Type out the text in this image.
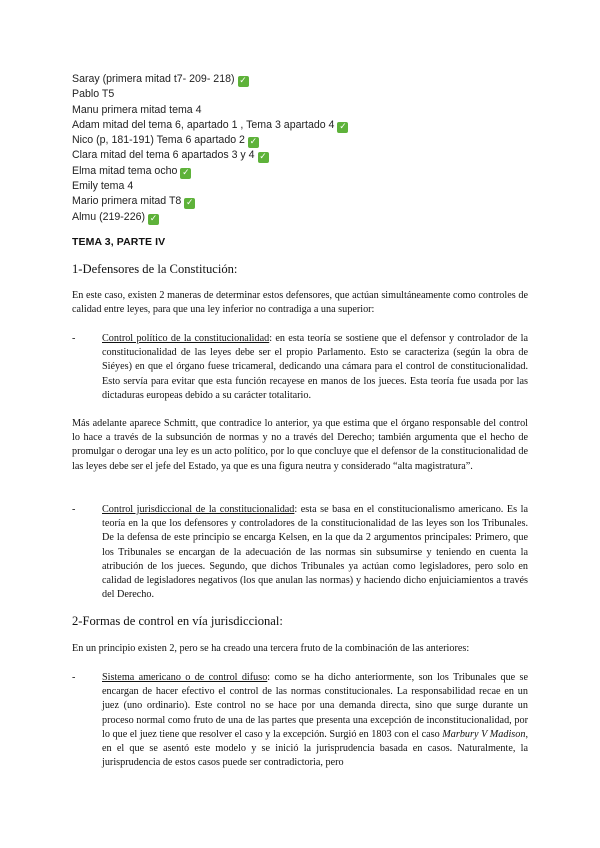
Saray (primera mitad t7- 209- 218) ✓
Pablo T5
Manu primera mitad tema 4
Adam mitad del tema 6, apartado 1 , Tema 3 apartado 4 ✓
Nico (p, 181-191) Tema 6 apartado 2 ✓
Clara mitad del tema 6 apartados 3 y 4 ✓
Elma mitad tema ocho ✓
Emily tema 4
Mario primera mitad T8 ✓
Almu (219-226) ✓
TEMA 3, PARTE IV
1-Defensores de la Constitución:

En este caso, existen 2 maneras de determinar estos defensores, que actúan simultáneamente como controles de calidad entre leyes, para que una ley inferior no contradiga a una superior:

-	Control político de la constitucionalidad: en esta teoría se sostiene que el defensor y controlador de la constitucionalidad de las leyes debe ser el propio Parlamento. Esto se caracteriza (según la obra de Siéyes) en que el órgano fuese tricameral, dedicando una cámara para el control de constitucionalidad. Esto servía para evitar que esta función recayese en manos de los jueces. Esta teoría fue usada por las dictaduras europeas debido a su carácter totalitario.

Más adelante aparece Schmitt, que contradice lo anterior, ya que estima que el órgano responsable del control lo hace a través de la subsunción de normas y no a través del Derecho; también argumenta que el hecho de promulgar o derogar una ley es un acto político, por lo que concluye que el defensor de la constitucionalidad de las leyes debe ser el jefe del Estado, ya que es una figura neutra y considerado “alta magistratura”.

-	Control jurisdiccional de la constitucionalidad: esta se basa en el constitucionalismo americano. Es la teoría en la que los defensores y controladores de la constitucionalidad de las leyes son los Tribunales. De la defensa de este principio se encarga Kelsen, en la que da 2 argumentos principales: Primero, que los Tribunales se encargan de la adecuación de las normas sin subsumirse y teniendo en cuenta la atribución de los jueces. Segundo, que dichos Tribunales ya actúan como legisladores, pero solo en calidad de legisladores negativos (los que anulan las normas) y haciendo dicho enjuiciamientos a través del Derecho.

2-Formas de control en vía jurisdiccional:

En un principio existen 2, pero se ha creado una tercera fruto de la combinación de las anteriores:

-	Sistema americano o de control difuso: como se ha dicho anteriormente, son los Tribunales que se encargan de hacer efectivo el control de las normas constitucionales. La responsabilidad recae en un juez (uno ordinario). Este control no se hace por una demanda directa, sino que surge durante un proceso normal como fruto de una de las partes que presenta una excepción de inconstitucionalidad, por lo que el juez tiene que resolver el caso y la excepción. Surgió en 1803 con el caso Marbury V Madison, en el que se asentó este modelo y se inició la jurisprudencia basada en casos. Naturalmente, la jurisprudencia de estos casos puede ser contradictoria, pero
